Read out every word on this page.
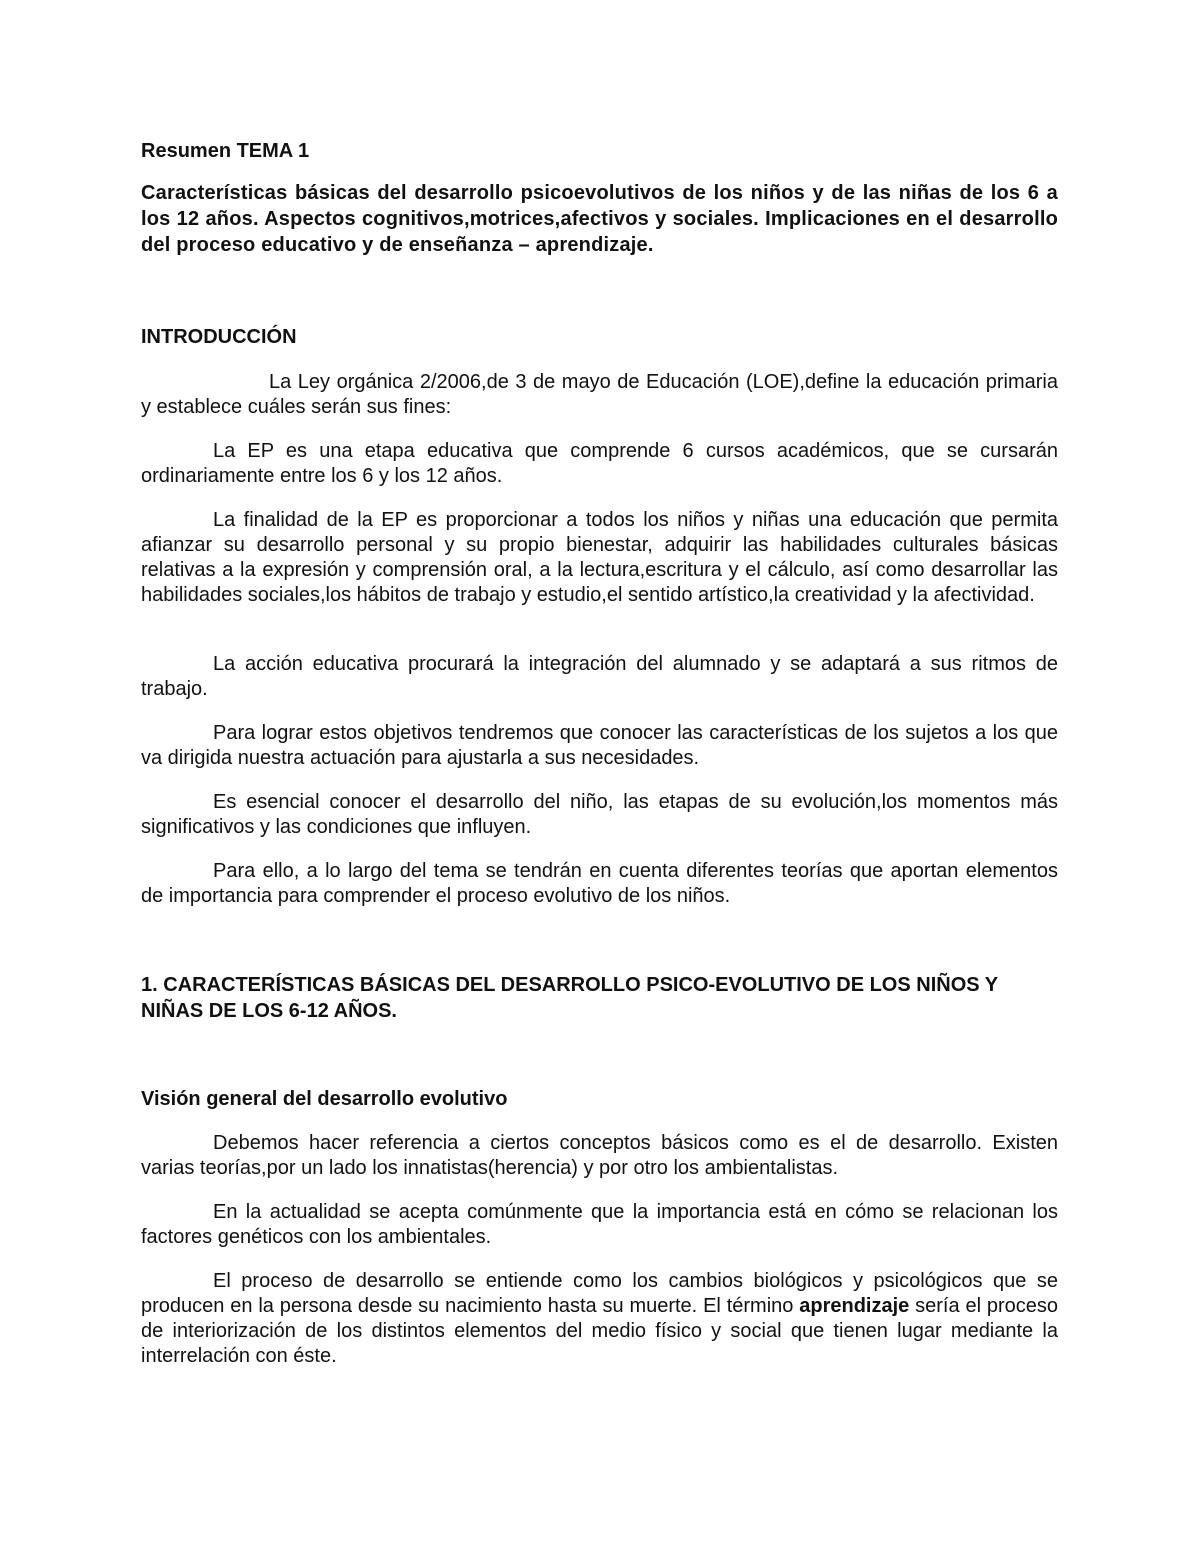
Resumen TEMA 1

Características básicas del desarrollo psicoevolutivos de los niños y de las niñas de los 6 a los 12 años. Aspectos cognitivos,motrices,afectivos y sociales. Implicaciones en el desarrollo del proceso educativo y de enseñanza – aprendizaje.

INTRODUCCIÓN

La Ley orgánica 2/2006,de 3 de mayo de Educación (LOE),define la educación primaria y establece cuáles serán sus fines:

La EP es una etapa educativa que comprende 6 cursos académicos, que se cursarán ordinariamente entre los 6 y los 12 años.

La finalidad de la EP es proporcionar a todos los niños y niñas una educación que permita afianzar su desarrollo personal y su propio bienestar, adquirir las habilidades culturales básicas relativas a la expresión y comprensión oral, a la lectura,escritura y el cálculo, así como desarrollar las habilidades sociales,los hábitos de trabajo y estudio,el sentido artístico,la creatividad y la afectividad.

La acción educativa procurará la integración del alumnado y se adaptará a sus ritmos de trabajo.

Para lograr estos objetivos tendremos que conocer las características de los sujetos a los que va dirigida nuestra actuación para ajustarla a sus necesidades.

Es esencial conocer el desarrollo del niño, las etapas de su evolución,los momentos más significativos y las condiciones que influyen.

Para ello, a lo largo del tema se tendrán en cuenta diferentes teorías que aportan elementos de importancia para comprender el proceso evolutivo de los niños.

1. CARACTERÍSTICAS BÁSICAS DEL DESARROLLO PSICO-EVOLUTIVO DE LOS NIÑOS Y NIÑAS DE LOS 6-12 AÑOS.

Visión general del desarrollo evolutivo

Debemos hacer referencia a ciertos conceptos básicos como es el de desarrollo. Existen varias teorías,por un lado los innatistas(herencia) y por otro los ambientalistas.

En la actualidad se acepta comúnmente que la importancia está en cómo se relacionan los factores genéticos con los ambientales.

El proceso de desarrollo se entiende como los cambios biológicos y psicológicos que se producen en la persona desde su nacimiento hasta su muerte. El término aprendizaje sería el proceso de interiorización de los distintos elementos del medio físico y social que tienen lugar mediante la interrelación con éste.
